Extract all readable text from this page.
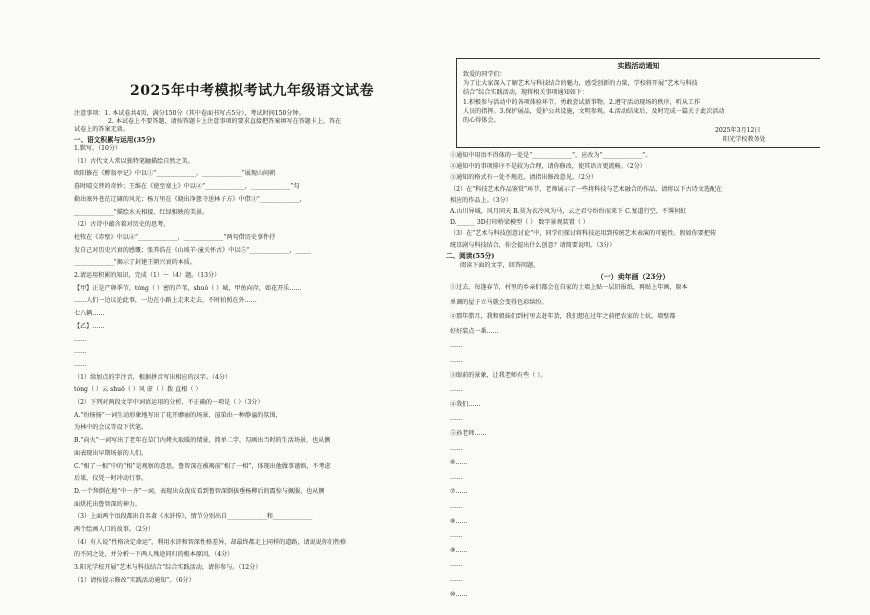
2025年中考模拟考试九年级语文试卷
注意事项：1. 本试卷共4页，满分150分（其中卷面书写占5分），考试时间150分钟。
2. 本试卷上不要答题，请按答题卡上注意事项的要求直接把答案填写在答题卡上，答在
试卷上的答案无效。
一、语文积累与运用(35分)
1.默写。（10分）
（1）古代文人常以独特笔触描绘自然之美。
欧阳修在《醉翁亭记》中以①“_____________，_____________”展现山间朝
暮时晴交替的奇妙；王维在《使至塞上》中以②“_____________，_____________”勾
勒出塞外苍茫辽阔的风光；杨万里在《晓出净慈寺送林子方》中借③“_____________，
_____________”描绘水天相接、红绿相映的美景。
（2）古诗中蕴含着对历史的思考。
杜牧在《赤壁》中以④“_____________，_____________”两句借历史事件抒
发自己对历史兴衰的感慨；张养浩在《山坡羊·潼关怀古》中以⑤“_____________，_____
_____________”揭示了封建王朝兴衰的本质。
2.请运用积累的知识，完成（1）～（4）题。（13分）
【甲】正是产卵季节，tóng（ ）密的芦苇，shuǒ（ ）城，甲鱼向岸，如花开乐……
……人们一边议论此事，一边在小路上走来走去，不时拍照在外……
七八辆……
【乙】……
……
……
……
（1）给加点的字注音，根据拼音写出相应的汉字。（4分）
tóng（ ）云 shuǒ（ ）风 虚（ ）拨 直根（ ）
（2）下列对两段文字中词语运用的分析，不正确的一项是（ ）（3分）
A.“纷扬扬”一词生动形象地写出了花开靡丽的场景，渲染出一种静谧的氛围，
为林中的会议等设下伏笔。
B.“向火”一词写出了老年在草门内烤火取暖的情景，简单二字，勾画出当时的生活场景，也从侧
面表现出早期场景的人们。
C.“相了一相”中的“相”是观察的意思，鲁智深在被褐前“相了一相”，体现出他做事谨慎，不考虑
后果，仅凭一时冲动行事。
D.一个拜倒在地“中一齐”一词，表现出众泼皮看到鲁智深倒拔垂杨柳后的震惊与佩服，也从侧
面烘托出鲁智深的神力。
（3）上面两个语段都出自名著《水浒传》，情节分别出自_____________和_____________
两个绘画人口的故事。（2分）
（4）有人说“性格决定命运”，利用水浒和智深性格差异，却最终都走上同样的道路，请说说你们性格
的不同之处，并分析一下两人殊途同归的根本原因。（4分）
3.阳光学校开展“艺术与科技结合”综合实践活动，请你参与。（12分）
（1）请按提示修改“实践活动通知”。（6分）
实践活动通知
致爱的同学们：
为了让大家深入了解艺术与科技结合的魅力，感受创新的力量，学校将开展“艺术与科技
结合”综合实践活动，现将相关事项通知如下：
1.积极参与活动中的各项体验环节，勇敢尝试新事物。2.遵守活动现场的秩序，听从工作
人员的指挥。3.保护展品，爱护公共设施，文明参观。4.活动结束后，及时完成一篇关于此次活动
的心得体会。
2025年3月12日
阳光学校教务处
①通知中用语不得体的一处是“_____________”，应改为“_____________”。
②通知中的事项排序不是较为合理，请你修改，使其语言更流畅。（2分）
③通知的格式有一处不规范，请指出修改意见。（2分）
（2）在“科技艺术作品鉴赏”环节，老师展示了一些将科技与艺术融合的作品，请将以下古诗文选配在
相应的作品上。（3分）
A.山川异城，风月同天 B.莫为衣冷风为马，云之君兮纷纷而来下 C.复道行空，不霁何虹
D.______ 3D打印桥梁模型（ ） 数字景观装置（ ）
（3）在“艺术与科技创意讨论”中，同学们探讨将科技运用到传统艺术表演的可能性。假如你要把传
统京剧与科技结合，你会提出什么创意？请简要说明。（3分）
二、阅读(55分)
阅读下面的文字，回答问题。
（一）卖年画（23分）
①过去，每逢春节，村里的乡亲们都会在自家的土墙上贴一层旧报纸，再贴上年画，原本
单调的屋子立马就会变得色彩缤纷。
②那年腊月，我和姐妹们到村里去赶年货，我们想在过年之前把农家的土炕、墙壁都
好好装点一番……
……
……
③眼前的景象，让我老师有些（ ）。
……
④我们……
……
⑤孙老师……
……
⑥……
……
⑦……
……
⑧……
……
⑨……
……
……
⑩……
